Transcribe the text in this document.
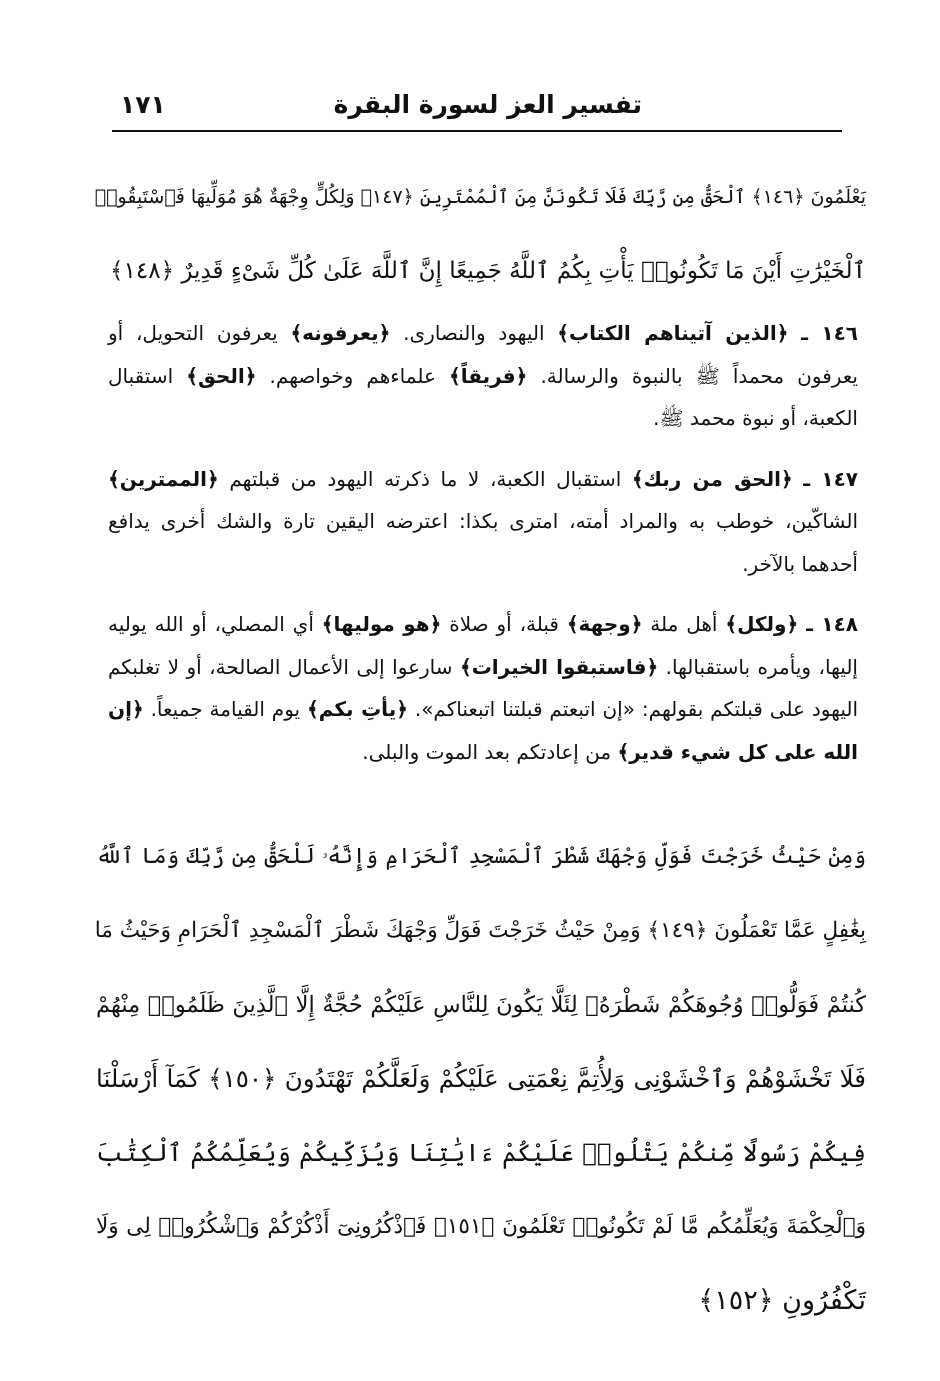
تفسير العز لسورة البقرة
١٧١
يَعْلَمُونَ ﴿١٤٦﴾ ٱلْحَقُّ مِن رَّبِّكَ فَلَا تَكُونَنَّ مِنَ ٱلْمُمْتَرِينَ ﴿١٤٧﴾ وَلِكُلٍّ وِجْهَةٌ هُوَ مُوَلِّيهَا فَٱسْتَبِقُوا۟
ٱلْخَيْرَٰتِ أَيْنَ مَا تَكُونُوا۟ يَأْتِ بِكُمُ ٱللَّهُ جَمِيعًا إِنَّ ٱللَّهَ عَلَىٰ كُلِّ شَىْءٍ قَدِيرٌ ﴿١٤٨﴾

١٤٦ ـ ﴿الذين آتيناهم الكتاب﴾ اليهود والنصارى. ﴿يعرفونه﴾ يعرفون التحويل، أو يعرفون محمداً ﷺ بالنبوة والرسالة. ﴿فريقاً﴾ علماءهم وخواصهم. ﴿الحق﴾ استقبال الكعبة، أو نبوة محمد ﷺ.

١٤٧ ـ ﴿الحق من ربك﴾ استقبال الكعبة، لا ما ذكرته اليهود من قبلتهم ﴿الممترين﴾ الشاكّين، خوطب به والمراد أمته، امترى بكذا: اعترضه اليقين تارة والشك أخرى يدافع أحدهما بالآخر.

١٤٨ ـ ﴿ولكل﴾ أهل ملة ﴿وجهة﴾ قبلة، أو صلاة ﴿هو موليها﴾ أي المصلي، أو الله يوليه إليها، ويأمره باستقبالها. ﴿فاستبقوا الخيرات﴾ سارعوا إلى الأعمال الصالحة، أو لا تغلبكم اليهود على قبلتكم بقولهم: «إن اتبعتم قبلتنا اتبعناكم». ﴿يأتِ بكم﴾ يوم القيامة جميعاً. ﴿إن الله على كل شيء قدير﴾ من إعادتكم بعد الموت والبلى.

وَمِنْ حَيْثُ خَرَجْتَ فَوَلِّ وَجْهَكَ شَطْرَ ٱلْمَسْجِدِ ٱلْحَرَامِ وَإِنَّهُۥ لَلْحَقُّ مِن رَّبِّكَ وَمَا ٱللَّهُ
بِغَٰفِلٍ عَمَّا تَعْمَلُونَ ﴿١٤٩﴾ وَمِنْ حَيْثُ خَرَجْتَ فَوَلِّ وَجْهَكَ شَطْرَ ٱلْمَسْجِدِ ٱلْحَرَامِ وَحَيْثُ مَا
كُنتُمْ فَوَلُّوا۟ وُجُوهَكُمْ شَطْرَهُۥ لِئَلَّا يَكُونَ لِلنَّاسِ عَلَيْكُمْ حُجَّةٌ إِلَّا ٱلَّذِينَ ظَلَمُوا۟ مِنْهُمْ
فَلَا تَخْشَوْهُمْ وَٱخْشَوْنِى وَلِأُتِمَّ نِعْمَتِى عَلَيْكُمْ وَلَعَلَّكُمْ تَهْتَدُونَ ﴿١٥٠﴾ كَمَآ أَرْسَلْنَا
فِيكُمْ رَسُولًا مِّنكُمْ يَتْلُوا۟ عَلَيْكُمْ ءَايَٰتِنَا وَيُزَكِّيكُمْ وَيُعَلِّمُكُمُ ٱلْكِتَٰبَ
وَٱلْحِكْمَةَ وَيُعَلِّمُكُم مَّا لَمْ تَكُونُوا۟ تَعْلَمُونَ ﴿١٥١﴾ فَٱذْكُرُونِىٓ أَذْكُرْكُمْ وَٱشْكُرُوا۟ لِى وَلَا
تَكْفُرُونِ ﴿١٥٢﴾
